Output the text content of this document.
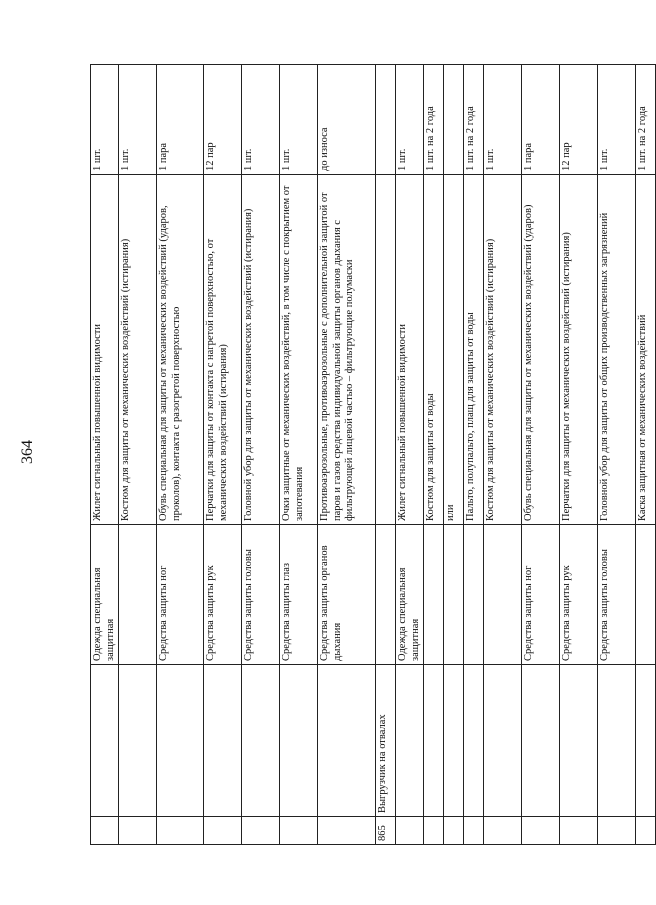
364
		Одежда специальная защитная	Жилет сигнальный повышенной видимости	1 шт.
			Костюм для защиты от механических воздействий (истирания)	1 шт.
		Средства защиты ног	Обувь специальная для защиты от механических воздействий (ударов, проколов), контакта с разогретой поверхностью	1 пара
		Средства защиты рук	Перчатки для защиты от контакта с нагретой поверхностью, от механических воздействий (истирания)	12 пар
		Средства защиты головы	Головной убор для защиты от механических воздействий (истирания)	1 шт.
		Средства защиты глаз	Очки защитные от механических воздействий, в том числе с покрытием от запотевания	1 шт.
		Средства защиты органов дыхания	Противоаэрозольные, противоаэрозольные с дополнительной защитой от паров и газов средства индивидуальной защиты органов дыхания с фильтрующей лицевой частью – фильтрующие полумаски	до износа
865	Выгрузчик на отвалах			
		Одежда специальная защитная	Жилет сигнальный повышенной видимости	1 шт.
			Костюм для защиты от воды	1 шт. на 2 года
			или	
			Пальто, полупальто, плащ для защиты от воды	1 шт. на 2 года
			Костюм для защиты от механических воздействий (истирания)	1 шт.
		Средства защиты ног	Обувь специальная для защиты от механических воздействий (ударов)	1 пара
		Средства защиты рук	Перчатки для защиты от механических воздействий (истирания)	12 пар
		Средства защиты головы	Головной убор для защиты от общих производственных загрязнений	1 шт.
			Каска защитная от механических воздействий	1 шт. на 2 года
